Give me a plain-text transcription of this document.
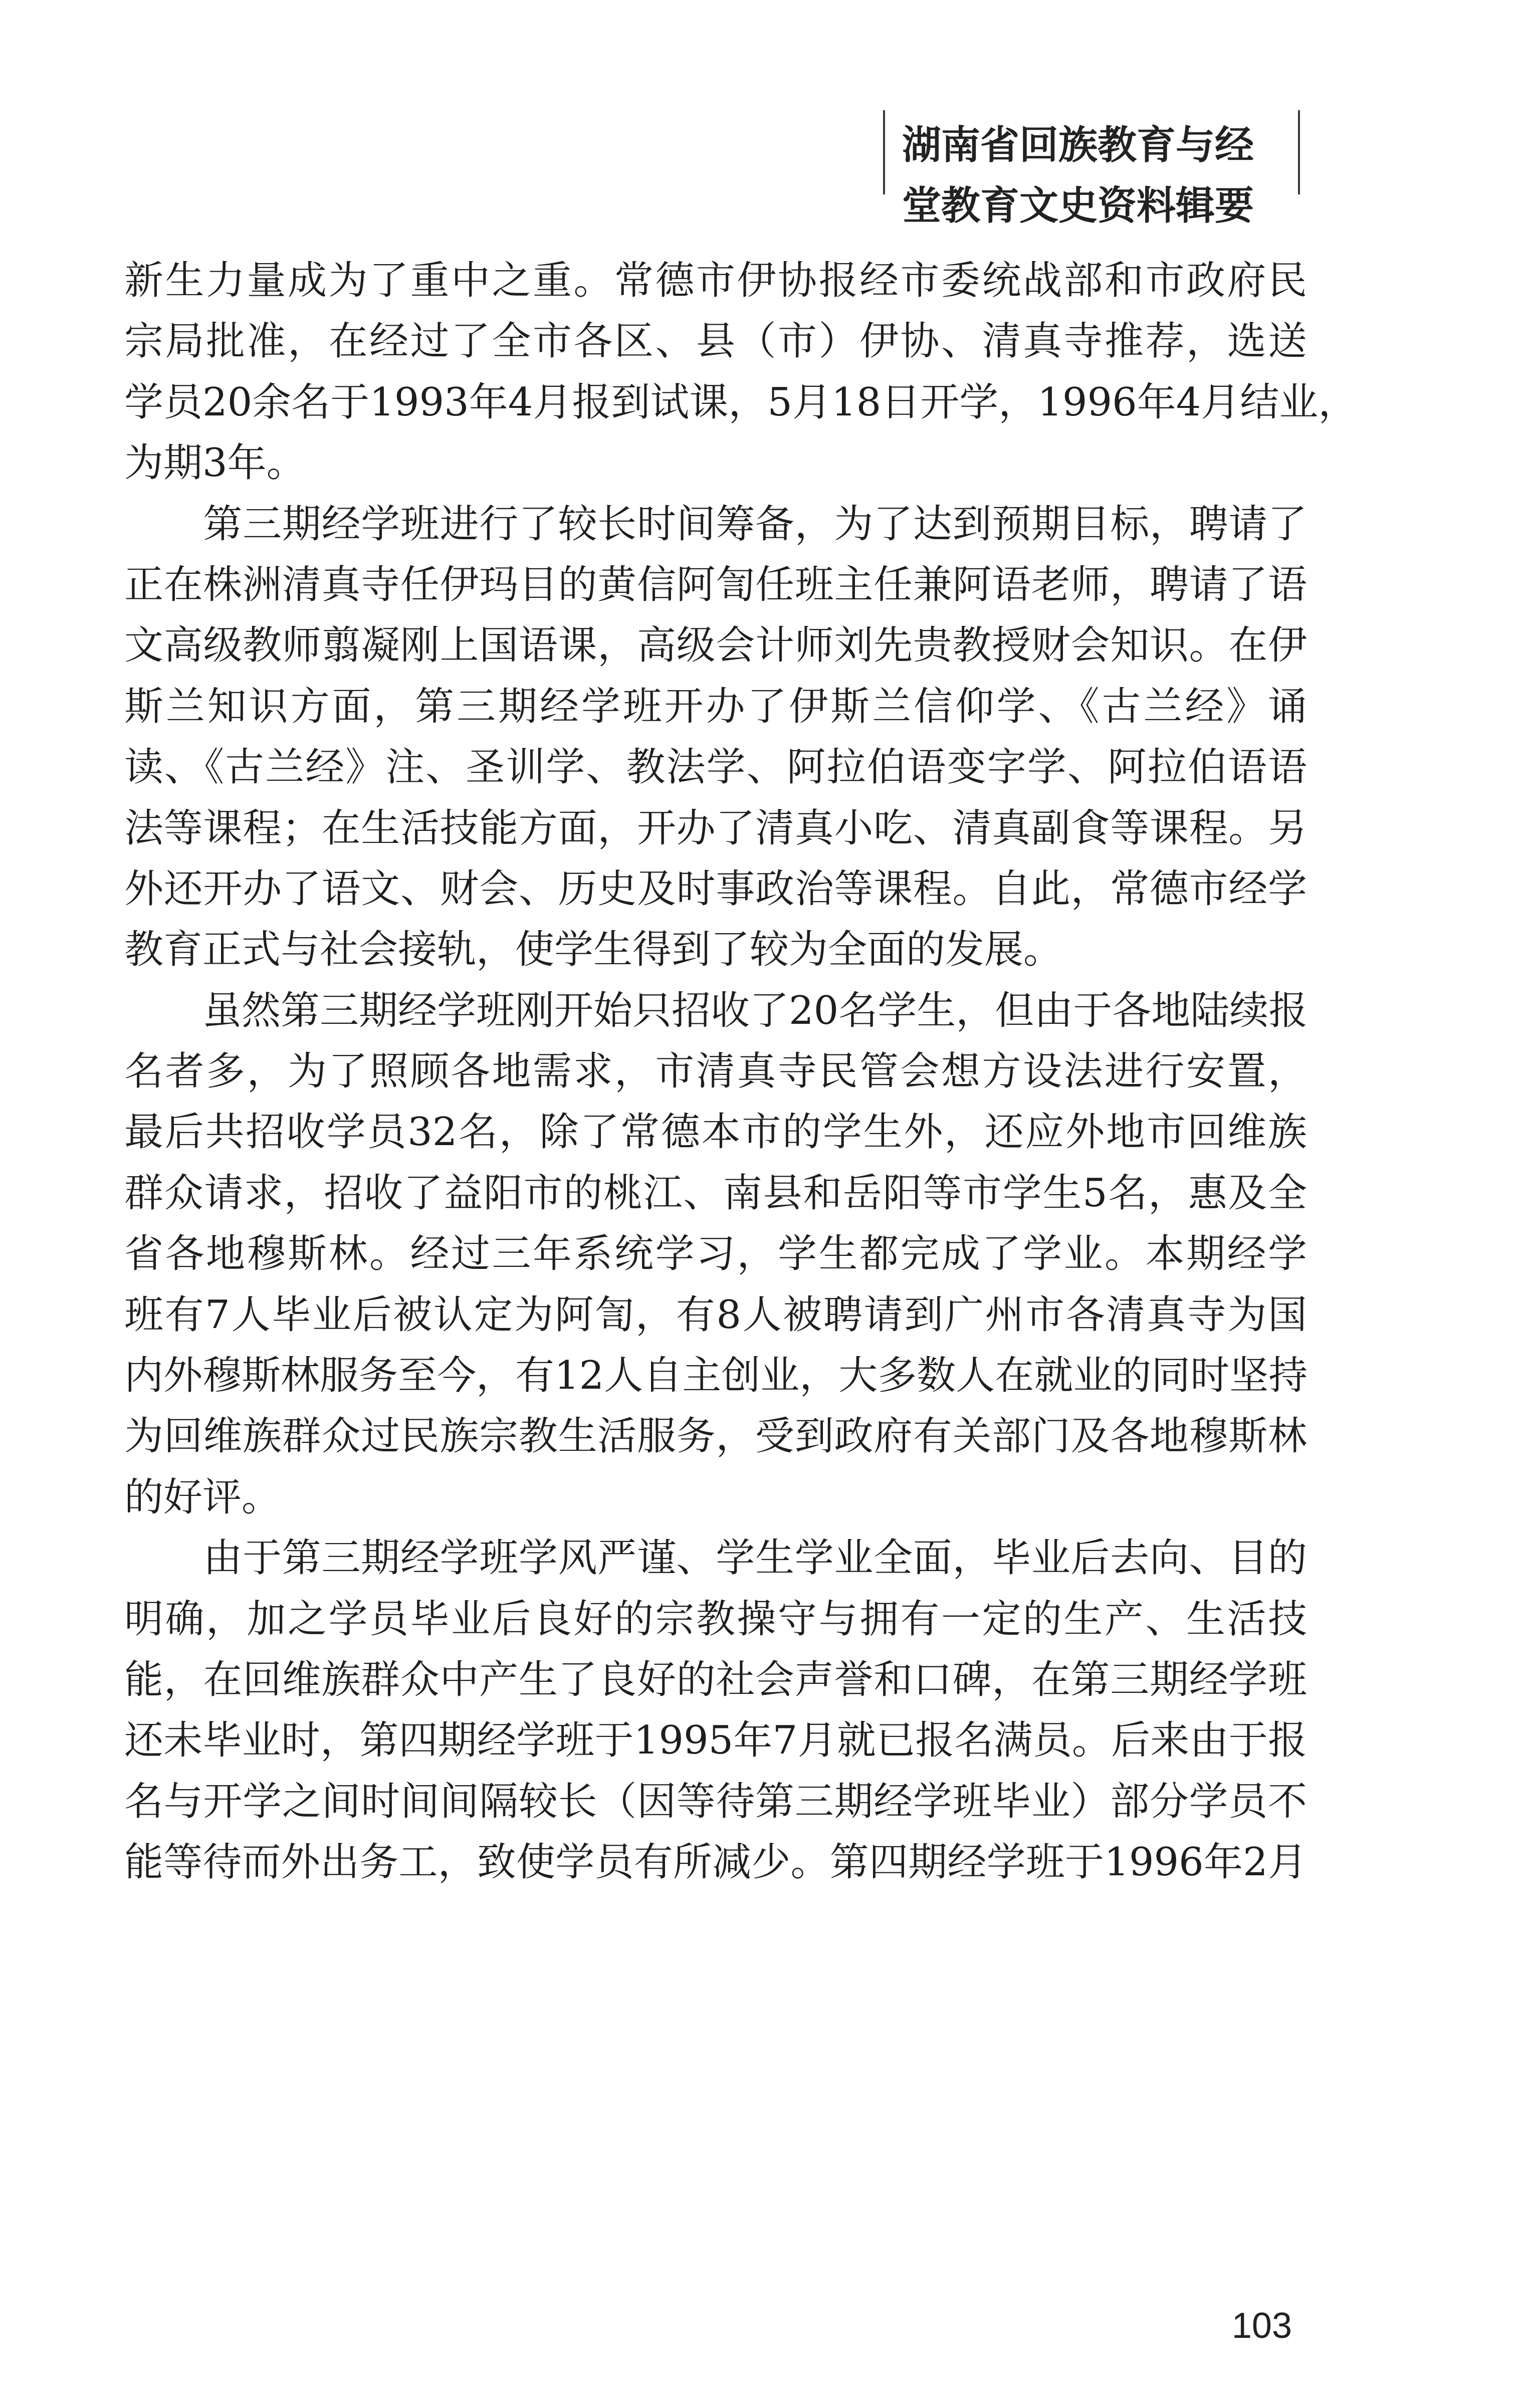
湖南省回族教育与经
堂教育文史资料辑要
新生力量成为了重中之重。常德市伊协报经市委统战部和市政府民
宗局批准，在经过了全市各区、县（市）伊协、清真寺推荐，选送
学员20余名于1993年4月报到试课，5月18日开学，1996年4月结业，
为期3年。
　　第三期经学班进行了较长时间筹备，为了达到预期目标，聘请了
正在株洲清真寺任伊玛目的黄信阿訇任班主任兼阿语老师，聘请了语
文高级教师翦凝刚上国语课，高级会计师刘先贵教授财会知识。在伊
斯兰知识方面，第三期经学班开办了伊斯兰信仰学、《古兰经》诵
读、《古兰经》注、圣训学、教法学、阿拉伯语变字学、阿拉伯语语
法等课程；在生活技能方面，开办了清真小吃、清真副食等课程。另
外还开办了语文、财会、历史及时事政治等课程。自此，常德市经学
教育正式与社会接轨，使学生得到了较为全面的发展。
　　虽然第三期经学班刚开始只招收了20名学生，但由于各地陆续报
名者多，为了照顾各地需求，市清真寺民管会想方设法进行安置，
最后共招收学员32名，除了常德本市的学生外，还应外地市回维族
群众请求，招收了益阳市的桃江、南县和岳阳等市学生5名，惠及全
省各地穆斯林。经过三年系统学习，学生都完成了学业。本期经学
班有7人毕业后被认定为阿訇，有8人被聘请到广州市各清真寺为国
内外穆斯林服务至今，有12人自主创业，大多数人在就业的同时坚持
为回维族群众过民族宗教生活服务，受到政府有关部门及各地穆斯林
的好评。
　　由于第三期经学班学风严谨、学生学业全面，毕业后去向、目的
明确，加之学员毕业后良好的宗教操守与拥有一定的生产、生活技
能，在回维族群众中产生了良好的社会声誉和口碑，在第三期经学班
还未毕业时，第四期经学班于1995年7月就已报名满员。后来由于报
名与开学之间时间间隔较长（因等待第三期经学班毕业）部分学员不
能等待而外出务工，致使学员有所减少。第四期经学班于1996年2月
103
